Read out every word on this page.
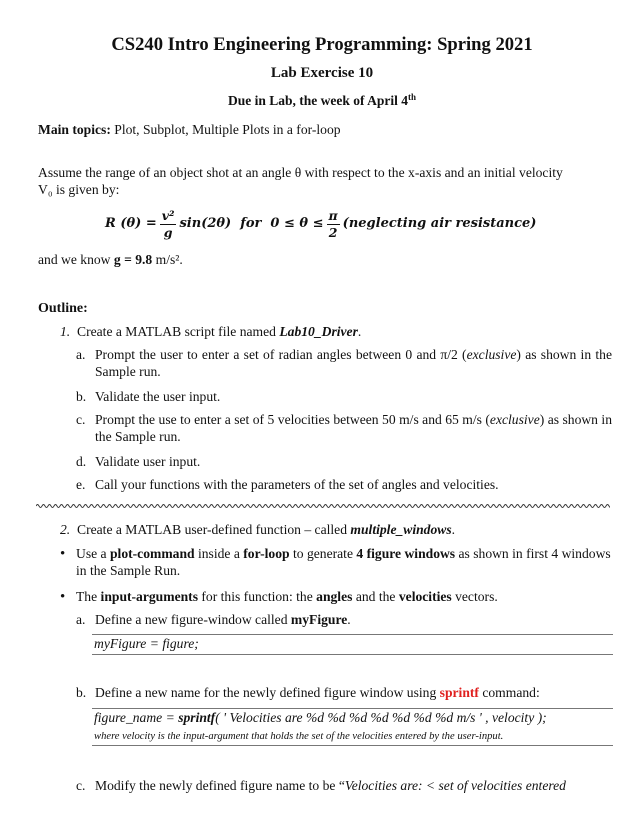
CS240 Intro Engineering Programming: Spring 2021
Lab Exercise 10
Due in Lab, the week of April 4th
Main topics: Plot, Subplot, Multiple Plots in a for-loop
Assume the range of an object shot at an angle θ with respect to the x-axis and an initial velocity
V₀ is given by:
R $(\theta) = \frac{\text{v²}}{g} \sin(2\theta)$  for  $0 \le \theta \le \frac{\pi}{2}$ (neglecting air resistance)
and we know g = 9.8 m/s².
Outline:
1. Create a MATLAB script file named Lab10_Driver.
a. Prompt the user to enter a set of radian angles between 0 and π/2 (exclusive) as shown in the Sample run.
b. Validate the user input.
c. Prompt the use to enter a set of 5 velocities between 50 m/s and 65 m/s (exclusive) as shown in the Sample run.
d. Validate user input.
e. Call your functions with the parameters of the set of angles and velocities.
2. Create a MATLAB user-defined function – called multiple_windows.
• Use a plot-command inside a for-loop to generate 4 figure windows as shown in first 4 windows in the Sample Run.
• The input-arguments for this function: the angles and the velocities vectors.
a. Define a new figure-window called myFigure.
myFigure = figure;
b. Define a new name for the newly defined figure window using sprintf command:
figure_name = sprintf( ' Velocities are %d %d %d %d %d %d %d m/s ' , velocity );
where velocity is the input-argument that holds the set of the velocities entered by the user-input.
c. Modify the newly defined figure name to be “Velocities are: < set of velocities entered
